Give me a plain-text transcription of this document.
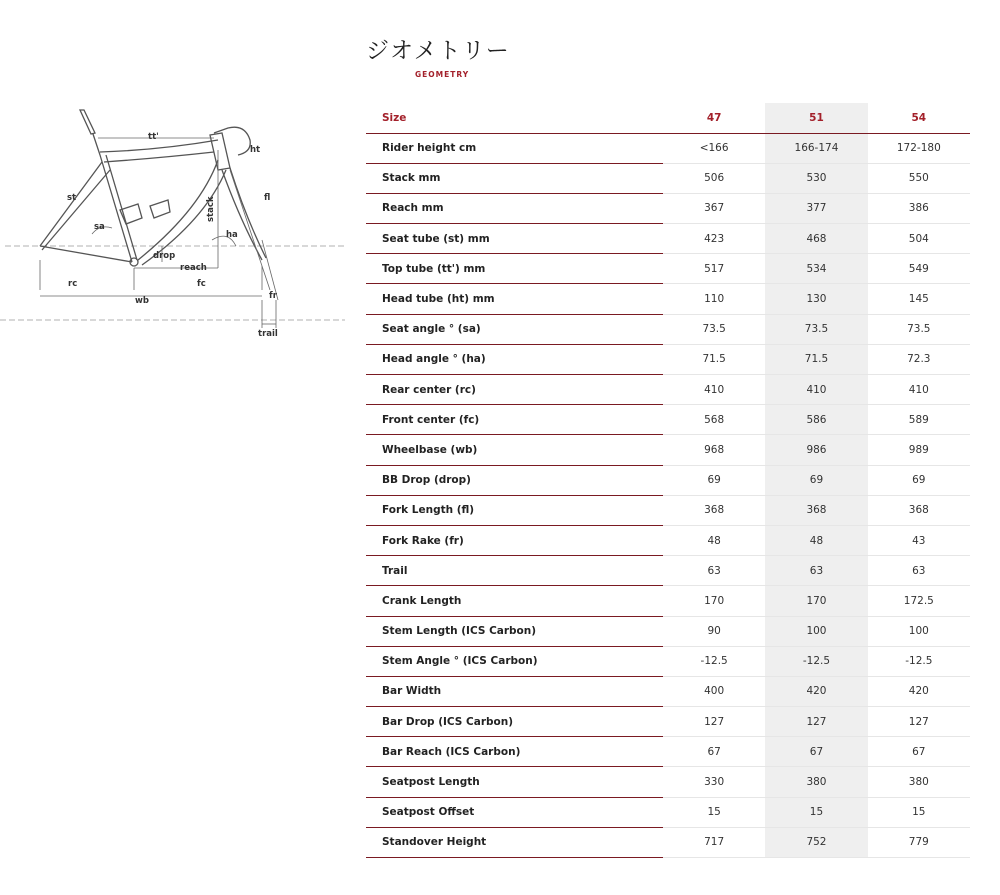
ジオメトリー
GEOMETRY
tt'
ht
st	fl
stack
sa
ha
drop
reach
rc	fc
wb	fr
trail
Size	47	51	54
Rider height cm	<166	166-174	172-180
Stack mm	506	530	550
Reach mm	367	377	386
Seat tube (st) mm	423	468	504
Top tube (tt') mm	517	534	549
Head tube (ht) mm	110	130	145
Seat angle ° (sa)	73.5	73.5	73.5
Head angle ° (ha)	71.5	71.5	72.3
Rear center (rc)	410	410	410
Front center (fc)	568	586	589
Wheelbase (wb)	968	986	989
BB Drop (drop)	69	69	69
Fork Length (fl)	368	368	368
Fork Rake (fr)	48	48	43
Trail	63	63	63
Crank Length	170	170	172.5
Stem Length (ICS Carbon)	90	100	100
Stem Angle ° (ICS Carbon)	-12.5	-12.5	-12.5
Bar Width	400	420	420
Bar Drop (ICS Carbon)	127	127	127
Bar Reach (ICS Carbon)	67	67	67
Seatpost Length	330	380	380
Seatpost Offset	15	15	15
Standover Height	717	752	779
